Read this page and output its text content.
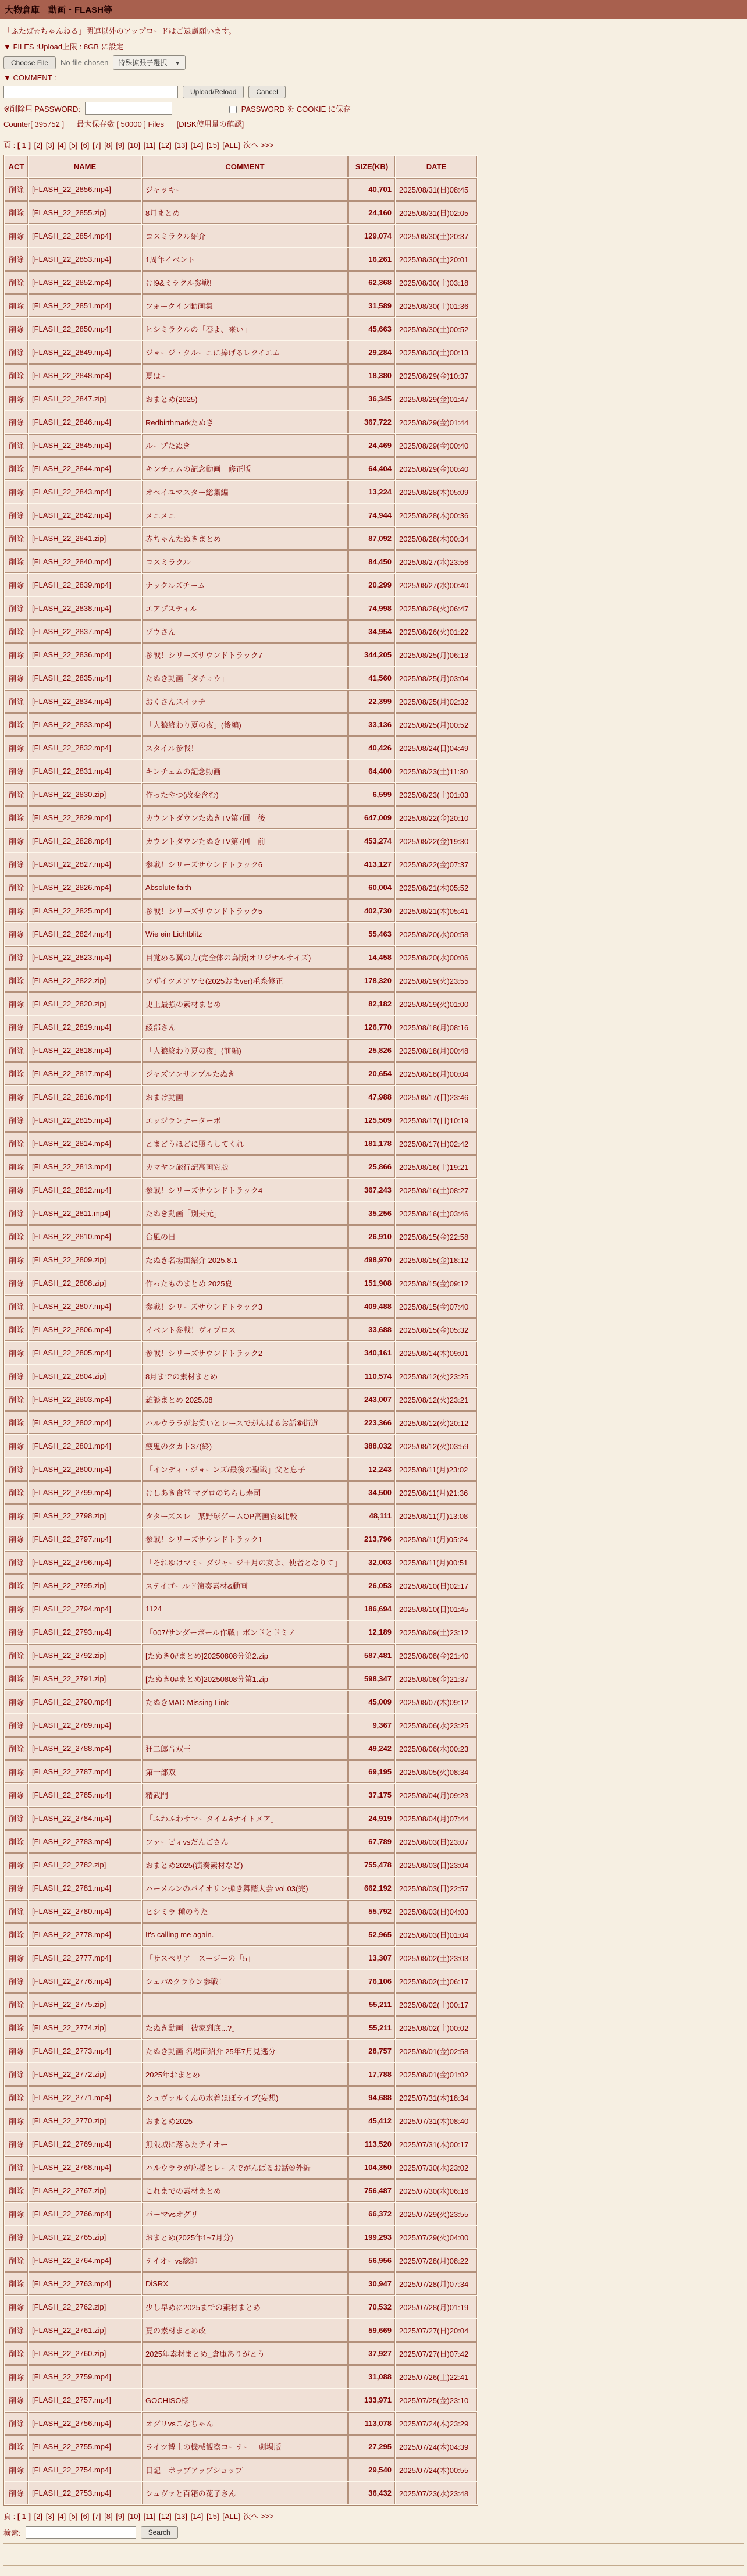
大物倉庫　動画・FLASH等
「ふたば☆ちゃんねる」関連以外のアップロードはご遠慮願います。
▼ FILES :Upload上限 : 8GB に設定
Choose File	No file chosen	特殊拡張子選択 ▼
▼ COMMENT :
Upload/Reload	Cancel
※削除用 PASSWORD:	PASSWORD を COOKIE に保存
Counter[ 395752 ] 最大保存数 [ 50000 ] Files [DISK使用量の確認]
頁 : [ 1 ] [2] [3] [4] [5] [6] [7] [8] [9] [10] [11] [12] [13] [14] [15] [ALL] 次へ >>>
ACT	NAME	COMMENT	SIZE(KB)	DATE
削除	[FLASH_22_2856.mp4]	ジャッキー	40,701	2025/08/31(日)08:45
削除	[FLASH_22_2855.zip]	8月まとめ	24,160	2025/08/31(日)02:05
削除	[FLASH_22_2854.mp4]	コスミラクル紹介	129,074	2025/08/30(土)20:37
削除	[FLASH_22_2853.mp4]	1周年イベント	16,261	2025/08/30(土)20:01
削除	[FLASH_22_2852.mp4]	け!9&ミラクル参戦!	62,368	2025/08/30(土)03:18
削除	[FLASH_22_2851.mp4]	フォークイン動画集	31,589	2025/08/30(土)01:36
削除	[FLASH_22_2850.mp4]	ヒシミラクルの「春よ、来い」	45,663	2025/08/30(土)00:52
削除	[FLASH_22_2849.mp4]	ジョージ・クルーニに捧げるレクイエム	29,284	2025/08/30(土)00:13
削除	[FLASH_22_2848.mp4]	夏は~	18,380	2025/08/29(金)10:37
削除	[FLASH_22_2847.zip]	おまとめ(2025)	36,345	2025/08/29(金)01:47
削除	[FLASH_22_2846.mp4]	Redbirthmarkたぬき	367,722	2025/08/29(金)01:44
削除	[FLASH_22_2845.mp4]	ループたぬき	24,469	2025/08/29(金)00:40
削除	[FLASH_22_2844.mp4]	キンチェムの記念動画　修正版	64,404	2025/08/29(金)00:40
削除	[FLASH_22_2843.mp4]	オペイユマスター総集編	13,224	2025/08/28(木)05:09
削除	[FLASH_22_2842.mp4]	メニメニ	74,944	2025/08/28(木)00:36
削除	[FLASH_22_2841.zip]	赤ちゃんたぬきまとめ	87,092	2025/08/28(木)00:34
削除	[FLASH_22_2840.mp4]	コスミラクル	84,450	2025/08/27(水)23:56
削除	[FLASH_22_2839.mp4]	ナックルズチーム	20,299	2025/08/27(水)00:40
削除	[FLASH_22_2838.mp4]	エアプスティル	74,998	2025/08/26(火)06:47
削除	[FLASH_22_2837.mp4]	ゾウさん	34,954	2025/08/26(火)01:22
削除	[FLASH_22_2836.mp4]	参戦！シリーズサウンドトラック7	344,205	2025/08/25(月)06:13
削除	[FLASH_22_2835.mp4]	たぬき動画「ダチョウ」	41,560	2025/08/25(月)03:04
削除	[FLASH_22_2834.mp4]	おくさんスイッチ	22,399	2025/08/25(月)02:32
削除	[FLASH_22_2833.mp4]	「人狼終わり夏の夜」(後編)	33,136	2025/08/25(月)00:52
削除	[FLASH_22_2832.mp4]	スタイル参戦！	40,426	2025/08/24(日)04:49
削除	[FLASH_22_2831.mp4]	キンチェムの記念動画	64,400	2025/08/23(土)11:30
削除	[FLASH_22_2830.zip]	作ったやつ(改変含む)	6,599	2025/08/23(土)01:03
削除	[FLASH_22_2829.mp4]	カウントダウンたぬきTV第7回　後	647,009	2025/08/22(金)20:10
削除	[FLASH_22_2828.mp4]	カウントダウンたぬきTV第7回　前	453,274	2025/08/22(金)19:30
削除	[FLASH_22_2827.mp4]	参戦！シリーズサウンドトラック6	413,127	2025/08/22(金)07:37
削除	[FLASH_22_2826.mp4]	Absolute faith	60,004	2025/08/21(木)05:52
削除	[FLASH_22_2825.mp4]	参戦！シリーズサウンドトラック5	402,730	2025/08/21(木)05:41
削除	[FLASH_22_2824.mp4]	Wie ein Lichtblitz	55,463	2025/08/20(水)00:58
削除	[FLASH_22_2823.mp4]	目覚める翼の力(完全体の鳥版(オリジナルサイズ)	14,458	2025/08/20(水)00:06
削除	[FLASH_22_2822.zip]	ソザイツメアワセ(2025おまver)毛糸修正	178,320	2025/08/19(火)23:55
削除	[FLASH_22_2820.zip]	史上最強の素材まとめ	82,182	2025/08/19(火)01:00
削除	[FLASH_22_2819.mp4]	綾部さん	126,770	2025/08/18(月)08:16
削除	[FLASH_22_2818.mp4]	「人狼終わり夏の夜」(前編)	25,826	2025/08/18(月)00:48
削除	[FLASH_22_2817.mp4]	ジャズアンサンブルたぬき	20,654	2025/08/18(月)00:04
削除	[FLASH_22_2816.mp4]	おまけ動画	47,988	2025/08/17(日)23:46
削除	[FLASH_22_2815.mp4]	エッジランナーターボ	125,509	2025/08/17(日)10:19
削除	[FLASH_22_2814.mp4]	とまどうほどに照らしてくれ	181,178	2025/08/17(日)02:42
削除	[FLASH_22_2813.mp4]	カマヤン旅行記高画質版	25,866	2025/08/16(土)19:21
削除	[FLASH_22_2812.mp4]	参戦！シリーズサウンドトラック4	367,243	2025/08/16(土)08:27
削除	[FLASH_22_2811.mp4]	たぬき動画「別天元」	35,256	2025/08/16(土)03:46
削除	[FLASH_22_2810.mp4]	台風の日	26,910	2025/08/15(金)22:58
削除	[FLASH_22_2809.zip]	たぬき名場面紹介 2025.8.1	498,970	2025/08/15(金)18:12
削除	[FLASH_22_2808.zip]	作ったものまとめ 2025夏	151,908	2025/08/15(金)09:12
削除	[FLASH_22_2807.mp4]	参戦！シリーズサウンドトラック3	409,488	2025/08/15(金)07:40
削除	[FLASH_22_2806.mp4]	イベント参戦！ヴィブロス	33,688	2025/08/15(金)05:32
削除	[FLASH_22_2805.mp4]	参戦！シリーズサウンドトラック2	340,161	2025/08/14(木)09:01
削除	[FLASH_22_2804.zip]	8月までの素材まとめ	110,574	2025/08/12(火)23:25
削除	[FLASH_22_2803.mp4]	雑談まとめ 2025.08	243,007	2025/08/12(火)23:21
削除	[FLASH_22_2802.mp4]	ハルウララがお笑いとレースでがんばるお話⑥街道	223,366	2025/08/12(火)20:12
削除	[FLASH_22_2801.mp4]	疲鬼のタカト37(終)	388,032	2025/08/12(火)03:59
削除	[FLASH_22_2800.mp4]	「インディ・ジョーンズ/最後の聖戦」父と息子	12,243	2025/08/11(月)23:02
削除	[FLASH_22_2799.mp4]	けしあき食堂 マグロのちらし寿司	34,500	2025/08/11(月)21:36
削除	[FLASH_22_2798.zip]	タターズスレ　某野球ゲームOP高画質&比較	48,111	2025/08/11(月)13:08
削除	[FLASH_22_2797.mp4]	参戦！シリーズサウンドトラック1	213,796	2025/08/11(月)05:24
削除	[FLASH_22_2796.mp4]	「それゆけマミーダジャージ＋月の友よ、使者となりて」	32,003	2025/08/11(月)00:51
削除	[FLASH_22_2795.zip]	ステイゴールド演奏素材&動画	26,053	2025/08/10(日)02:17
削除	[FLASH_22_2794.mp4]	1124	186,694	2025/08/10(日)01:45
削除	[FLASH_22_2793.mp4]	「007/サンダーボール作戦」ボンドとドミノ	12,189	2025/08/09(土)23:12
削除	[FLASH_22_2792.zip]	[たぬき0#まとめ]20250808分第2.zip	587,481	2025/08/08(金)21:40
削除	[FLASH_22_2791.zip]	[たぬき0#まとめ]20250808分第1.zip	598,347	2025/08/08(金)21:37
削除	[FLASH_22_2790.mp4]	たぬきMAD Missing Link	45,009	2025/08/07(木)09:12
削除	[FLASH_22_2789.mp4]		9,367	2025/08/06(水)23:25
削除	[FLASH_22_2788.mp4]	狂二郎音双王	49,242	2025/08/06(水)00:23
削除	[FLASH_22_2787.mp4]	第一部双	69,195	2025/08/05(火)08:34
削除	[FLASH_22_2785.mp4]	精武門	37,175	2025/08/04(月)09:23
削除	[FLASH_22_2784.mp4]	「ふわふわサマータイム&ナイトメア」	24,919	2025/08/04(月)07:44
削除	[FLASH_22_2783.mp4]	ファービィvsだんごさん	67,789	2025/08/03(日)23:07
削除	[FLASH_22_2782.zip]	おまとめ2025(演奏素材など)	755,478	2025/08/03(日)23:04
削除	[FLASH_22_2781.mp4]	ハーメルンのバイオリン弾き舞踏大会 vol.03(完)	662,192	2025/08/03(日)22:57
削除	[FLASH_22_2780.mp4]	ヒシミラ 種のうた	55,792	2025/08/03(日)04:03
削除	[FLASH_22_2778.mp4]	It's calling me again.	52,965	2025/08/03(日)01:04
削除	[FLASH_22_2777.mp4]	「サスペリア」スージーの「5」	13,307	2025/08/02(土)23:03
削除	[FLASH_22_2776.mp4]	シェパ&クラウン参戦！	76,106	2025/08/02(土)06:17
削除	[FLASH_22_2775.zip]		55,211	2025/08/02(土)00:17
削除	[FLASH_22_2774.zip]	たぬき動画「彼家到底...?」	55,211	2025/08/02(土)00:02
削除	[FLASH_22_2773.mp4]	たぬき動画 名場面紹介 25年7月見逃分	28,757	2025/08/01(金)02:58
削除	[FLASH_22_2772.zip]	2025年おまとめ	17,788	2025/08/01(金)01:02
削除	[FLASH_22_2771.mp4]	シュヴァルくんの水着ほぼライブ(妄想)	94,688	2025/07/31(木)18:34
削除	[FLASH_22_2770.zip]	おまとめ2025	45,412	2025/07/31(木)08:40
削除	[FLASH_22_2769.mp4]	無限城に落ちたテイオー	113,520	2025/07/31(木)00:17
削除	[FLASH_22_2768.mp4]	ハルウララが応援とレースでがんばるお話⑥外編	104,350	2025/07/30(水)23:02
削除	[FLASH_22_2767.zip]	これまでの素材まとめ	756,487	2025/07/30(水)06:16
削除	[FLASH_22_2766.mp4]	パーマvsオグリ	66,372	2025/07/29(火)23:55
削除	[FLASH_22_2765.zip]	おまとめ(2025年1~7月分)	199,293	2025/07/29(火)04:00
削除	[FLASH_22_2764.mp4]	テイオーvs総帥	56,956	2025/07/28(月)08:22
削除	[FLASH_22_2763.mp4]	DiSRX	30,947	2025/07/28(月)07:34
削除	[FLASH_22_2762.zip]	少し早めに2025までの素材まとめ	70,532	2025/07/28(月)01:19
削除	[FLASH_22_2761.zip]	夏の素材まとめ改	59,669	2025/07/27(日)20:04
削除	[FLASH_22_2760.zip]	2025年素材まとめ_倉庫ありがとう	37,927	2025/07/27(日)07:42
削除	[FLASH_22_2759.mp4]		31,088	2025/07/26(土)22:41
削除	[FLASH_22_2757.mp4]	GOCHISO様	133,971	2025/07/25(金)23:10
削除	[FLASH_22_2756.mp4]	オグリvsこなちゃん	113,078	2025/07/24(木)23:29
削除	[FLASH_22_2755.mp4]	ライツ博士の機械観察コーナー　劇場版	27,295	2025/07/24(木)04:39
削除	[FLASH_22_2754.mp4]	日記　ポップアップショップ	29,540	2025/07/24(木)00:55
削除	[FLASH_22_2753.mp4]	シュヴァと百箱の花子さん	36,432	2025/07/23(水)23:48
頁 : [ 1 ] [2] [3] [4] [5] [6] [7] [8] [9] [10] [11] [12] [13] [14] [15] [ALL] 次へ >>>
検索:	Search
